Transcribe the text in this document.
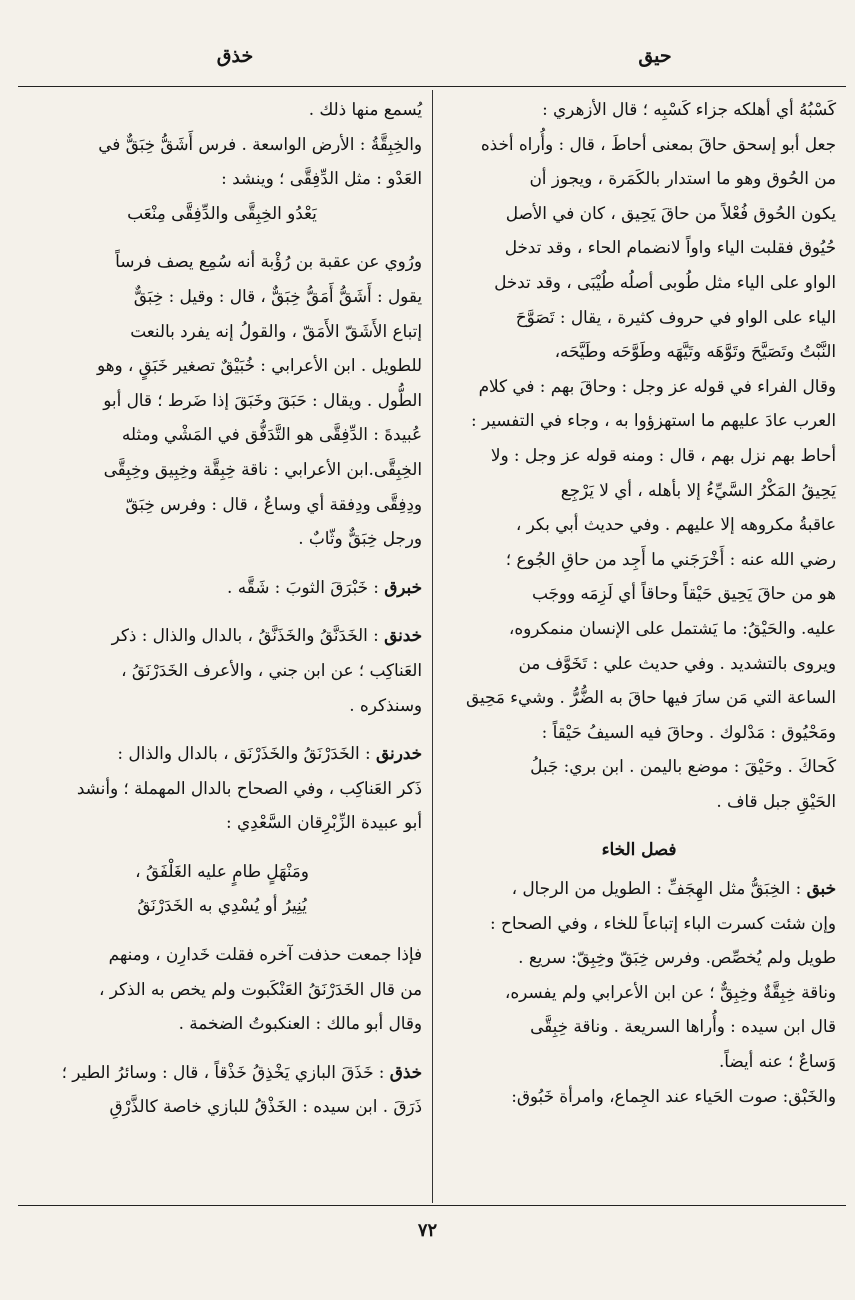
حيق
خذق

كَسْبُهُ أي أهلكه جزاء كَسْبِه ؛ قال الأزهري :

جعل أبو إسحق حاقَ بمعنى أحاطَ ، قال : وأُراه أخذه

من الحُوق وهو ما استدار بالكَمَرة ، ويجوز أن

يكون الحُوق فُعْلاً من حاقَ يَحِيق ، كان في الأصل

حُيُوق فقلبت الياء واواً لانضمام الحاء ، وقد تدخل

الواو على الياء مثل طُوبى أصلُه طُيْبَى ، وقد تدخل

الياء على الواو في حروف كثيرة ، يقال : تَصَوَّحَ

النَّبْتُ وتَصَيَّحَ وتَوَّهَه وتَيَّهَه وطَوَّحَه وطَيَّحَه،

وقال الفراء في قوله عز وجل : وحاقَ بهم : في كلام

العرب عادَ عليهم ما استهزؤوا به ، وجاء في التفسير :

أحاط بهم نزل بهم ، قال : ومنه قوله عز وجل : ولا

يَحِيقُ المَكْرُ السَّيِّءُ إلا بأهله ، أي لا يَرْجِع

عاقبةُ مكروهه إلا عليهم . وفي حديث أبي بكر ،

رضي الله عنه : أَخْرَجَني ما أَجِد من حاقِ الجُوع ؛

هو من حاقَ يَحِيق حَيْقاً وحاقاً أي لَزِمَه ووجَب

عليه. والحَيْقُ: ما يَشتمل على الإنسان منمكروه،

ويروى بالتشديد . وفي حديث علي : تَخَوَّف من

الساعة التي مَن سارَ فيها حاقَ به الضُّرُّ . وشيء مَحِيق

ومَحْيُوق : مَدْلوك . وحاقَ فيه السيفُ حَيْقاً :

كَحاكَ . وحَيْقَ : موضع باليمن . ابن بري: جَبلُ

الحَيْقِ جبل قاف .

فصل الخاء

خبق : الخِبَقُّ مثل الهِجَفِّ : الطويل من الرجال ،

وإن شئت كسرت الباء إتباعاً للخاء ، وفي الصحاح :

طويل ولم يُخصِّص. وفرس خِبَقّ وخِبِقّ: سريع .

وناقة خِبِقَّةٌ وخِبِقٌّ ؛ عن ابن الأعرابي ولم يفسره،

قال ابن سيده : وأُراها السريعة . وناقة خِبِقَّى

وَساعٌ ؛ عنه أيضاً.

والخَبْق: صوت الحَياء عند الجِماع، وامرأة خَبُوق:

يُسمع منها ذلك .

والخِبِقَّةُ : الأرض الواسعة . فرس أَشَقُّ خِبَقٌّ في

العَدْو : مثل الدِّفِقَّى ؛ وينشد :

يَعْدُو الخِبِقَّى والدِّفِقَّى مِنْعَب

ورُوي عن عقبة بن رُؤْبة أنه سُمِع يصف فرساً

يقول : أَشَقُّ أَمَقُّ خِبَقٌّ ، قال : وقيل : خِبَقٌّ

إتباع الأَشَقّ الأَمَقّ ، والقولُ إنه يفرد بالنعت

للطويل . ابن الأعرابي : خُبَيْقٌ تصغير خَبَقٍ ، وهو

الطُّول . ويقال : حَبَقَ وخَبَقَ إذا ضَرط ؛ قال أبو

عُبيدةَ : الدِّفِقَّى هو التَّدَفُّق في المَشْي ومثله

الخِبِقَّى.ابن الأعرابي : ناقة خِبِقَّة وخِبِيق وخِبِقَّى

ودِفِقَّى ودِفقة أي وساعٌ ، قال : وفرس خِبَقّ

ورجل خِبَقٌّ وثّابٌ .

خبرق : خَبْرَقَ الثوبَ : شَقَّه .

خدنق : الخَدَنَّقُ والخَذَنَّقُ ، بالدال والذال : ذكر

العَناكِب ؛ عن ابن جني ، والأعرف الخَدَرْنَقُ ،

وسنذكره .

خدرنق : الخَدَرْنَقُ والخَذَرْنَق ، بالدال والذال :

ذَكر العَناكِب ، وفي الصحاح بالدال المهملة ؛ وأنشد

أبو عبيدة الزِّبْرِقان السَّعْدِي :

ومَنْهَلٍ طامٍ عليه الغَلْفَقُ ،

يُنِيرُ أو يُسْدِي به الخَدَرْنَقُ

فإذا جمعت حذفت آخره فقلت خَدارِن ، ومنهم

من قال الخَدَرْنَقُ العَنْكَبوت ولم يخص به الذكر ،

وقال أبو مالك : العنكبوتُ الضخمة .

خذق : خَذَقَ البازي يَخْذِقُ خَذْقاً ، قال : وسائرُ الطير ؛

ذَرَقَ . ابن سيده : الخَذْقُ للبازي خاصة كالذَّرْقِ

٧٢
